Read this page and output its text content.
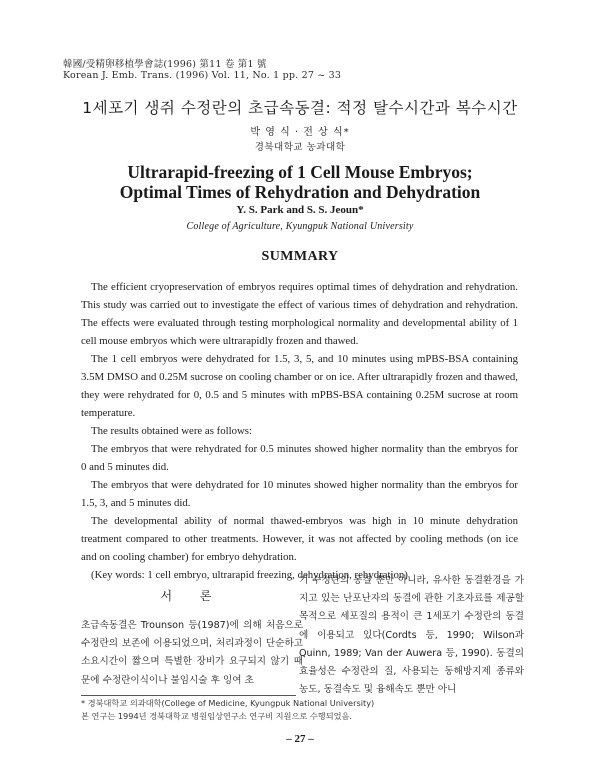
韓國/受精卵移植學會誌(1996) 第11 卷 第1 號
Korean J. Emb. Trans. (1996) Vol. 11, No. 1 pp. 27 ~ 33
1세포기 생쥐 수정란의 초급속동결: 적정 탈수시간과 복수시간
박 영 식 · 전 상 식*
경북대학교 농과대학
Ultrarapid-freezing of 1 Cell Mouse Embryos;
Optimal Times of Rehydration and Dehydration
Y. S. Park and S. S. Jeoun*
College of Agriculture, Kyungpuk National University
SUMMARY

The efficient cryopreservation of embryos requires optimal times of dehydration and rehydration. This study was carried out to investigate the effect of various times of dehydration and rehydration. The effects were evaluated through testing morphological normality and developmental ability of 1 cell mouse embryos which were ultrarapidly frozen and thawed.

The 1 cell embryos were dehydrated for 1.5, 3, 5, and 10 minutes using mPBS-BSA containing 3.5M DMSO and 0.25M sucrose on cooling chamber or on ice. After ultrarapidly frozen and thawed, they were rehydrated for 0, 0.5 and 5 minutes with mPBS-BSA containing 0.25M sucrose at room temperature.

The results obtained were as follows:

The embryos that were rehydrated for 0.5 minutes showed higher normality than the embryos for 0 and 5 minutes did.

The embryos that were dehydrated for 10 minutes showed higher normality than the embryos for 1.5, 3, and 5 minutes did.

The developmental ability of normal thawed-embryos was high in 10 minute dehydration treatment compared to other treatments. However, it was not affected by cooling methods (on ice and on cooling chamber) for embryo dehydration.

(Key words: 1 cell embryo, ultrarapid freezing, dehydration, rehydration)

서 론
초급속동결은 Trounson 등(1987)에 의해 처음으로 수정란의 보존에 이용되었으며, 처리과정이 단순하고 소요시간이 짧으며 특별한 장비가 요구되지 않기 때문에 수정란이식이나 불임시술 후 잉여 초
기 수정란의 동결 뿐만 아니라, 유사한 동결환경을 가지고 있는 난포난자의 동결에 관한 기초자료를 제공할 목적으로 세포질의 용적이 큰 1세포기 수정란의 동결에 이용되고 있다(Cordts 등, 1990; Wilson과 Quinn, 1989; Van der Auwera 등, 1990). 동결의 효율성은 수정란의 질, 사용되는 동해방지제 종류와 농도, 동결속도 및 융해속도 뿐만 아니
* 경북대학교 의과대학(College of Medicine, Kyungpuk National University)
본 연구는 1994년 경북대학교 병원임상연구소 연구비 지원으로 수행되었음.
– 27 –
